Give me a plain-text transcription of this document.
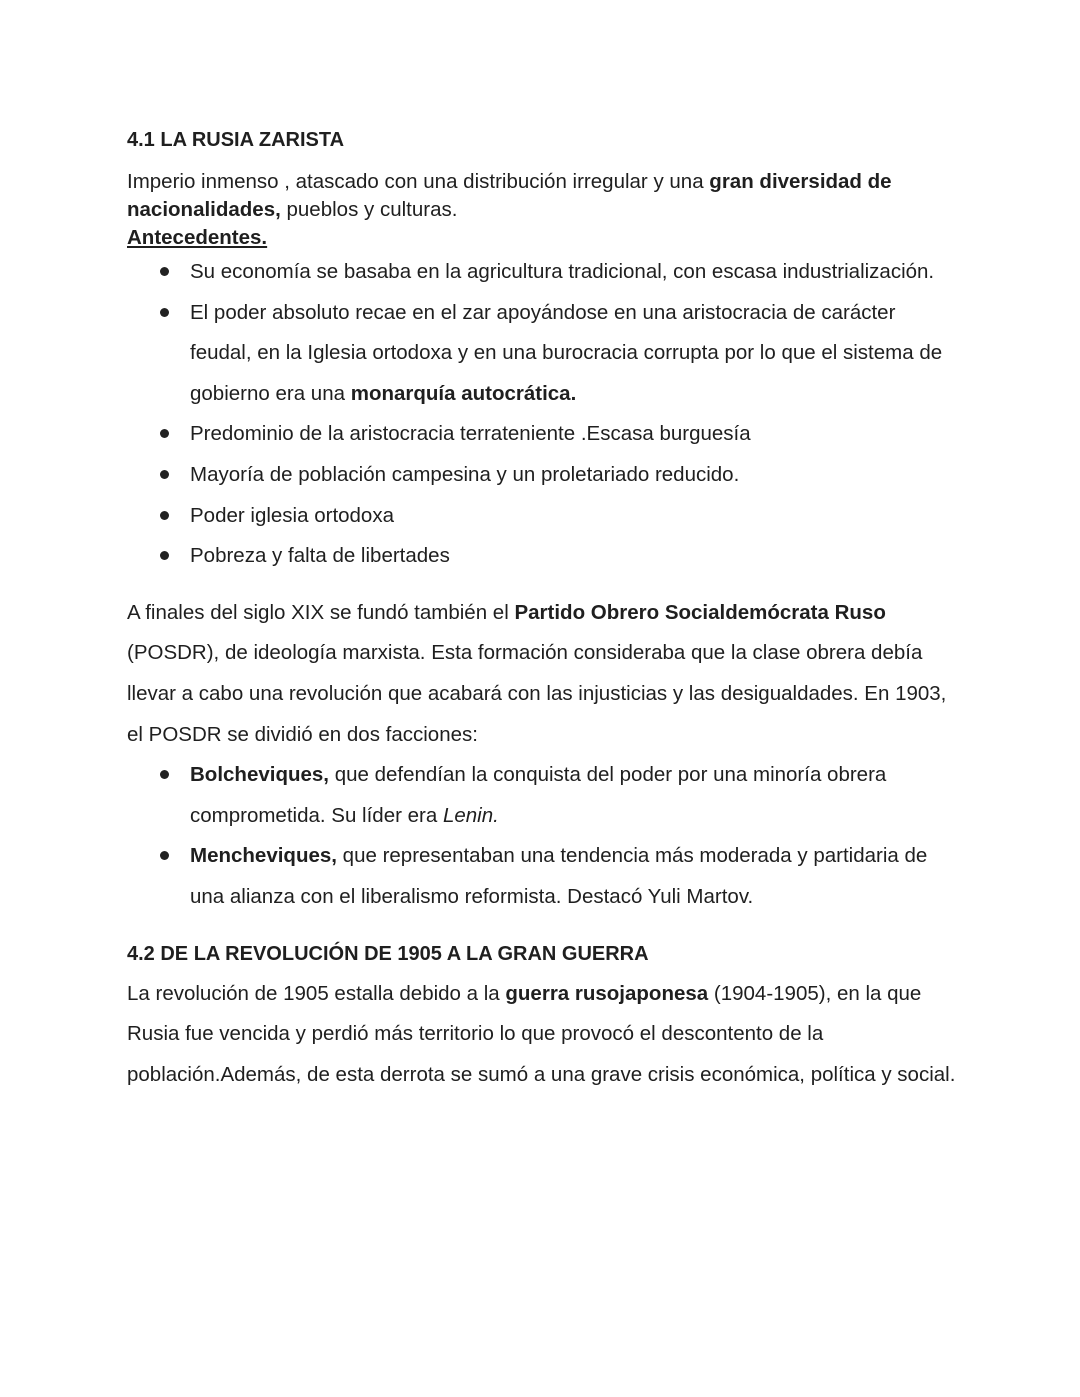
4.1 LA RUSIA ZARISTA

Imperio inmenso , atascado con una distribución irregular y una gran diversidad de nacionalidades, pueblos y culturas.

Antecedentes.

Su economía se basaba en la agricultura tradicional, con escasa industrialización.
El poder absoluto recae en el zar apoyándose en una aristocracia de carácter feudal, en la Iglesia ortodoxa y en una burocracia corrupta por lo que el sistema de gobierno era una monarquía autocrática.
Predominio de la aristocracia terrateniente .Escasa burguesía
Mayoría de población campesina y un proletariado reducido.
Poder iglesia ortodoxa
Pobreza y falta de libertades

A finales del siglo XIX se fundó también el Partido Obrero Socialdemócrata Ruso (POSDR), de ideología marxista. Esta formación consideraba que la clase obrera debía llevar a cabo una revolución que acabará con las injusticias y las desigualdades. En 1903, el POSDR se dividió en dos facciones:

Bolcheviques, que defendían la conquista del poder por una minoría obrera comprometida. Su líder era Lenin.
Mencheviques, que representaban una tendencia más moderada y partidaria de una alianza con el liberalismo reformista. Destacó Yuli Martov.
4.2 DE LA REVOLUCIÓN DE 1905 A LA GRAN GUERRA

La revolución de 1905 estalla debido a la guerra rusojaponesa (1904-1905), en la que Rusia fue vencida y perdió más territorio lo que provocó el descontento de la población.Además, de esta derrota se sumó a una grave crisis económica, política y social.
